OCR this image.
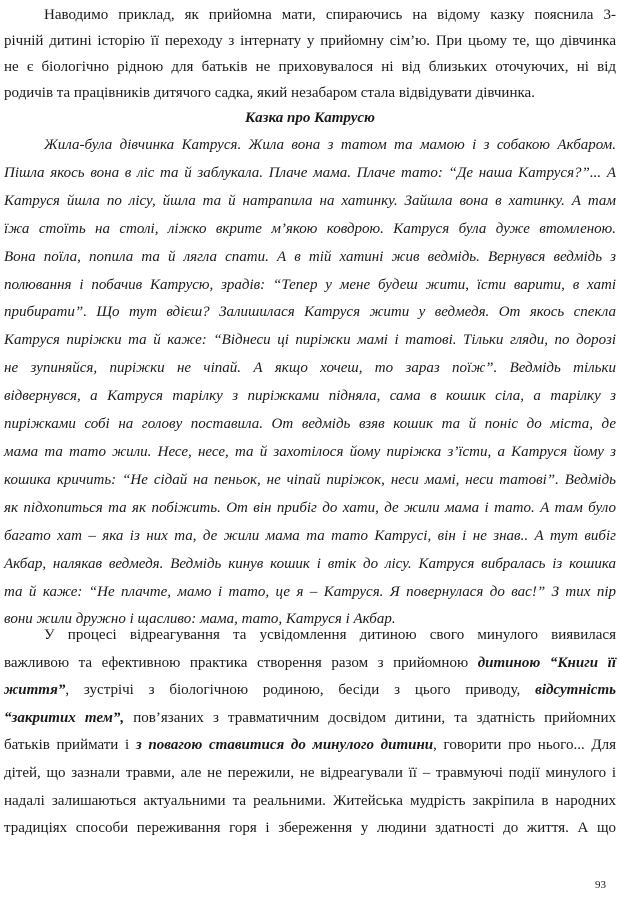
Наводимо приклад, як прийомна мати, спираючись на відому казку пояснила 3-
річній дитині історію її переходу з інтернату у прийомну сім’ю. При цьому те, що дівчинка
не є біологічно рідною для батьків не приховувалося ні від близьких оточуючих, ні від
родичів та працівників дитячого садка, який незабаром стала відвідувати дівчинка.
Казка про Катрусю
Жила-була дівчинка Катруся. Жила вона з татом та мамою і з собакою Акбаром.
Пішла якось вона в ліс та й заблукала. Плаче мама. Плаче тато: “Де наша Катруся?”... А
Катруся йшла по лісу, йшла та й натрапила на хатинку. Зайшла вона в хатинку. А там
їжа стоїть на столі, ліжко вкрите м’якою ковдрою. Катруся була дуже втомленою.
Вона поїла, попила та й лягла спати. А в тій хатині жив ведмідь. Вернувся ведмідь з
полювання і побачив Катрусю, зрадів: “Тепер у мене будеш жити, їсти варити, в хаті
прибирати”. Що тут вдієш? Залишилася Катруся жити у ведмедя. От якось спекла
Катруся пиріжки та й каже: “Віднеси ці пиріжки мамі і татові. Тільки гляди, по дорозі
не зупиняйся, пиріжки не чіпай. А якщо хочеш, то зараз поїж”. Ведмідь тільки
відвернувся, а Катруся тарілку з пиріжками підняла, сама в кошик сіла, а тарілку з
пиріжками собі на голову поставила. От ведмідь взяв кошик та й поніс до міста, де
мама та тато жили. Несе, несе, та й захотілося йому пиріжка з’їсти, а Катруся йому з
кошика кричить: “Не сідай на пеньок, не чіпай пиріжок, неси мамі, неси татові”. Ведмідь
як підхопиться та як побіжить. От він прибіг до хати, де жили мама і тато. А там було
багато хат – яка із них та, де жили мама та тато Катрусі, він і не знав.. А тут вибіг
Акбар, налякав ведмедя. Ведмідь кинув кошик і втік до лісу. Катруся вибралась із кошика
та й каже: “Не плачте, мамо і тато, це я – Катруся. Я повернулася до вас!” З тих пір
вони жили дружно і щасливо: мама, тато, Катруся і Акбар.
У процесі відреагування та усвідомлення дитиною свого минулого виявилася
важливою та ефективною практика створення разом з прийомною дитиною “Книги її
життя”, зустрічі з біологічною родиною, бесіди з цього приводу, відсутність
“закритих тем”, пов’язаних з травматичним досвідом дитини, та здатність прийомних
батьків приймати і з повагою ставитися до минулого дитини, говорити про нього... Для
дітей, що зазнали травми, але не пережили, не відреагували її – травмуючі події минулого і
надалі залишаються актуальними та реальними. Житейська мудрість закріпила в народних
традиціях способи переживання горя і збереження у людини здатності до життя. А що
93
